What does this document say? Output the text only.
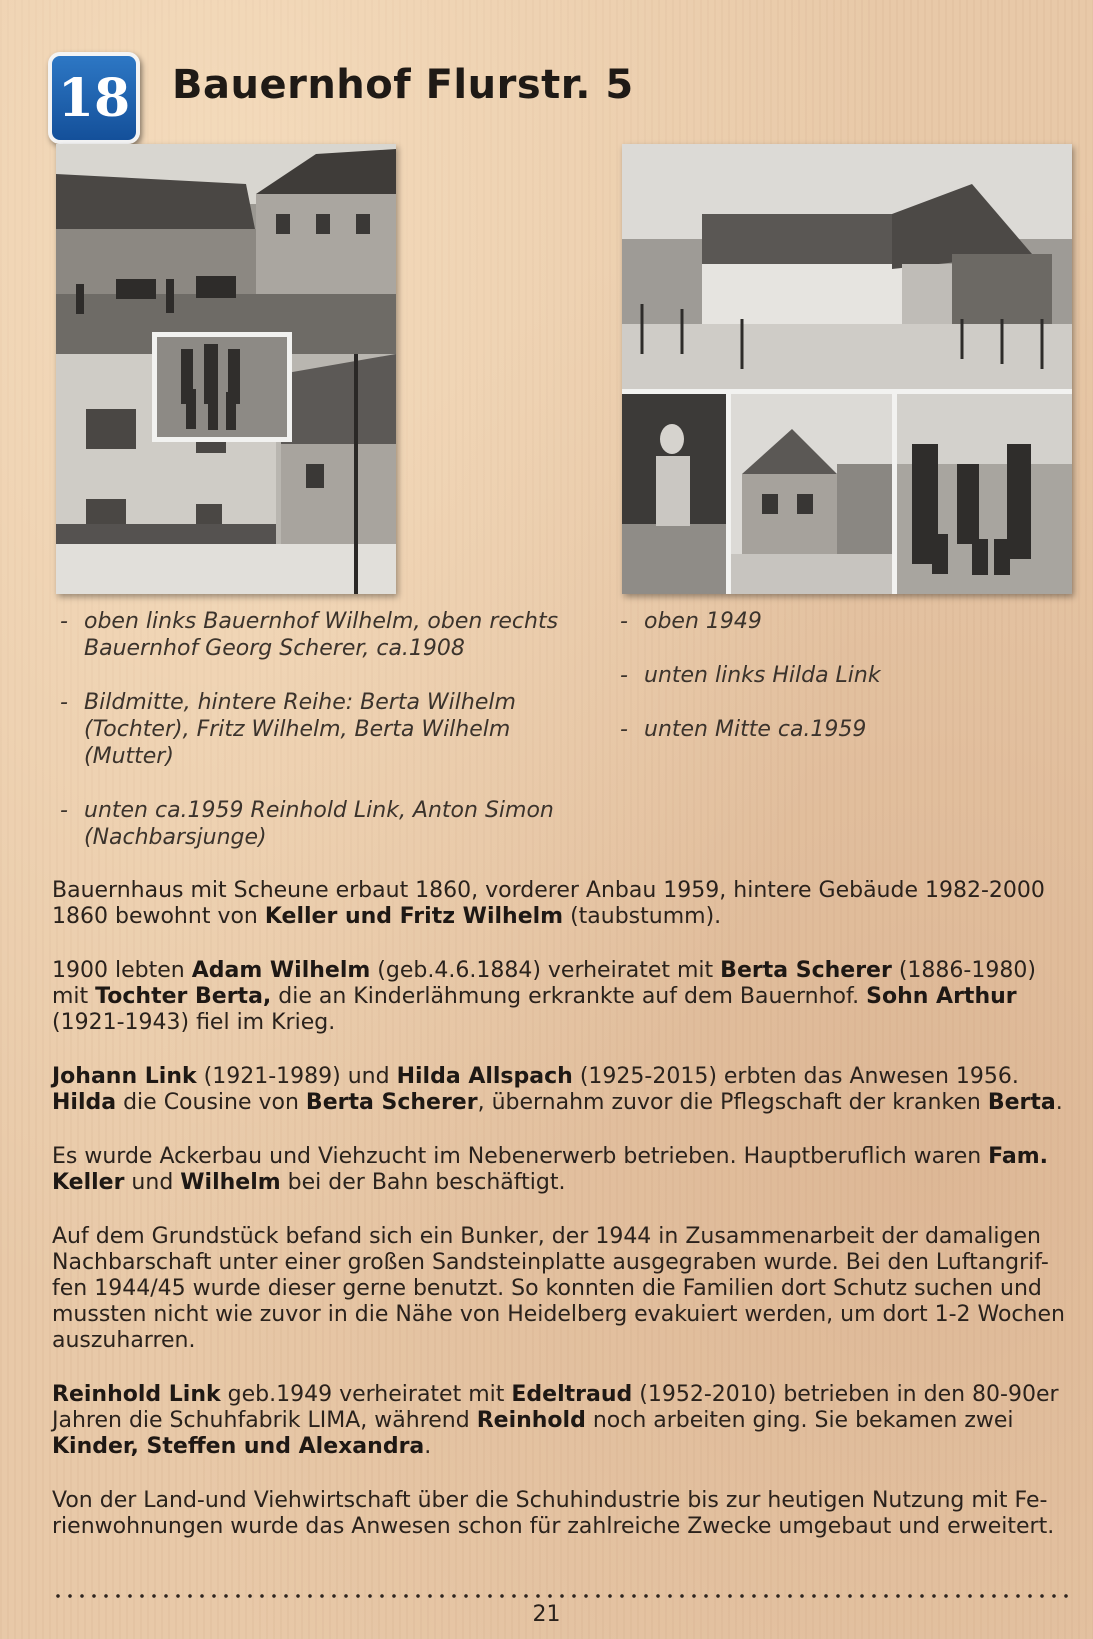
18 Bauernhof Flurstr. 5
- oben links Bauernhof Wilhelm, oben rechts Bauernhof Georg Scherer, ca.1908
- Bildmitte, hintere Reihe: Berta Wilhelm (Tochter), Fritz Wilhelm, Berta Wilhelm (Mutter)
- unten ca.1959 Reinhold Link, Anton Simon (Nachbarsjunge)
- oben 1949
- unten links Hilda Link
- unten Mitte ca.1959

Bauernhaus mit Scheune erbaut 1860, vorderer Anbau 1959, hintere Gebäude 1982-2000 1860 bewohnt von Keller und Fritz Wilhelm (taubstumm).

1900 lebten Adam Wilhelm (geb.4.6.1884) verheiratet mit Berta Scherer (1886-1980) mit Tochter Berta, die an Kinderlähmung erkrankte auf dem Bauernhof. Sohn Arthur (1921-1943) fiel im Krieg.

Johann Link (1921-1989) und Hilda Allspach (1925-2015) erbten das Anwesen 1956. Hilda die Cousine von Berta Scherer, übernahm zuvor die Pflegschaft der kranken Berta.

Es wurde Ackerbau und Viehzucht im Nebenerwerb betrieben. Hauptberuflich waren Fam. Keller und Wilhelm bei der Bahn beschäftigt.

Auf dem Grundstück befand sich ein Bunker, der 1944 in Zusammenarbeit der damaligen Nachbarschaft unter einer großen Sandsteinplatte ausgegraben wurde. Bei den Luftangrif-fen 1944/45 wurde dieser gerne benutzt. So konnten die Familien dort Schutz suchen und mussten nicht wie zuvor in die Nähe von Heidelberg evakuiert werden, um dort 1-2 Wochen auszuharren.

Reinhold Link geb.1949 verheiratet mit Edeltraud (1952-2010) betrieben in den 80-90er Jahren die Schuhfabrik LIMA, während Reinhold noch arbeiten ging. Sie bekamen zwei Kinder, Steffen und Alexandra.

Von der Land-und Viehwirtschaft über die Schuhindustrie bis zur heutigen Nutzung mit Fe-rienwohnungen wurde das Anwesen schon für zahlreiche Zwecke umgebaut und erweitert.

21
